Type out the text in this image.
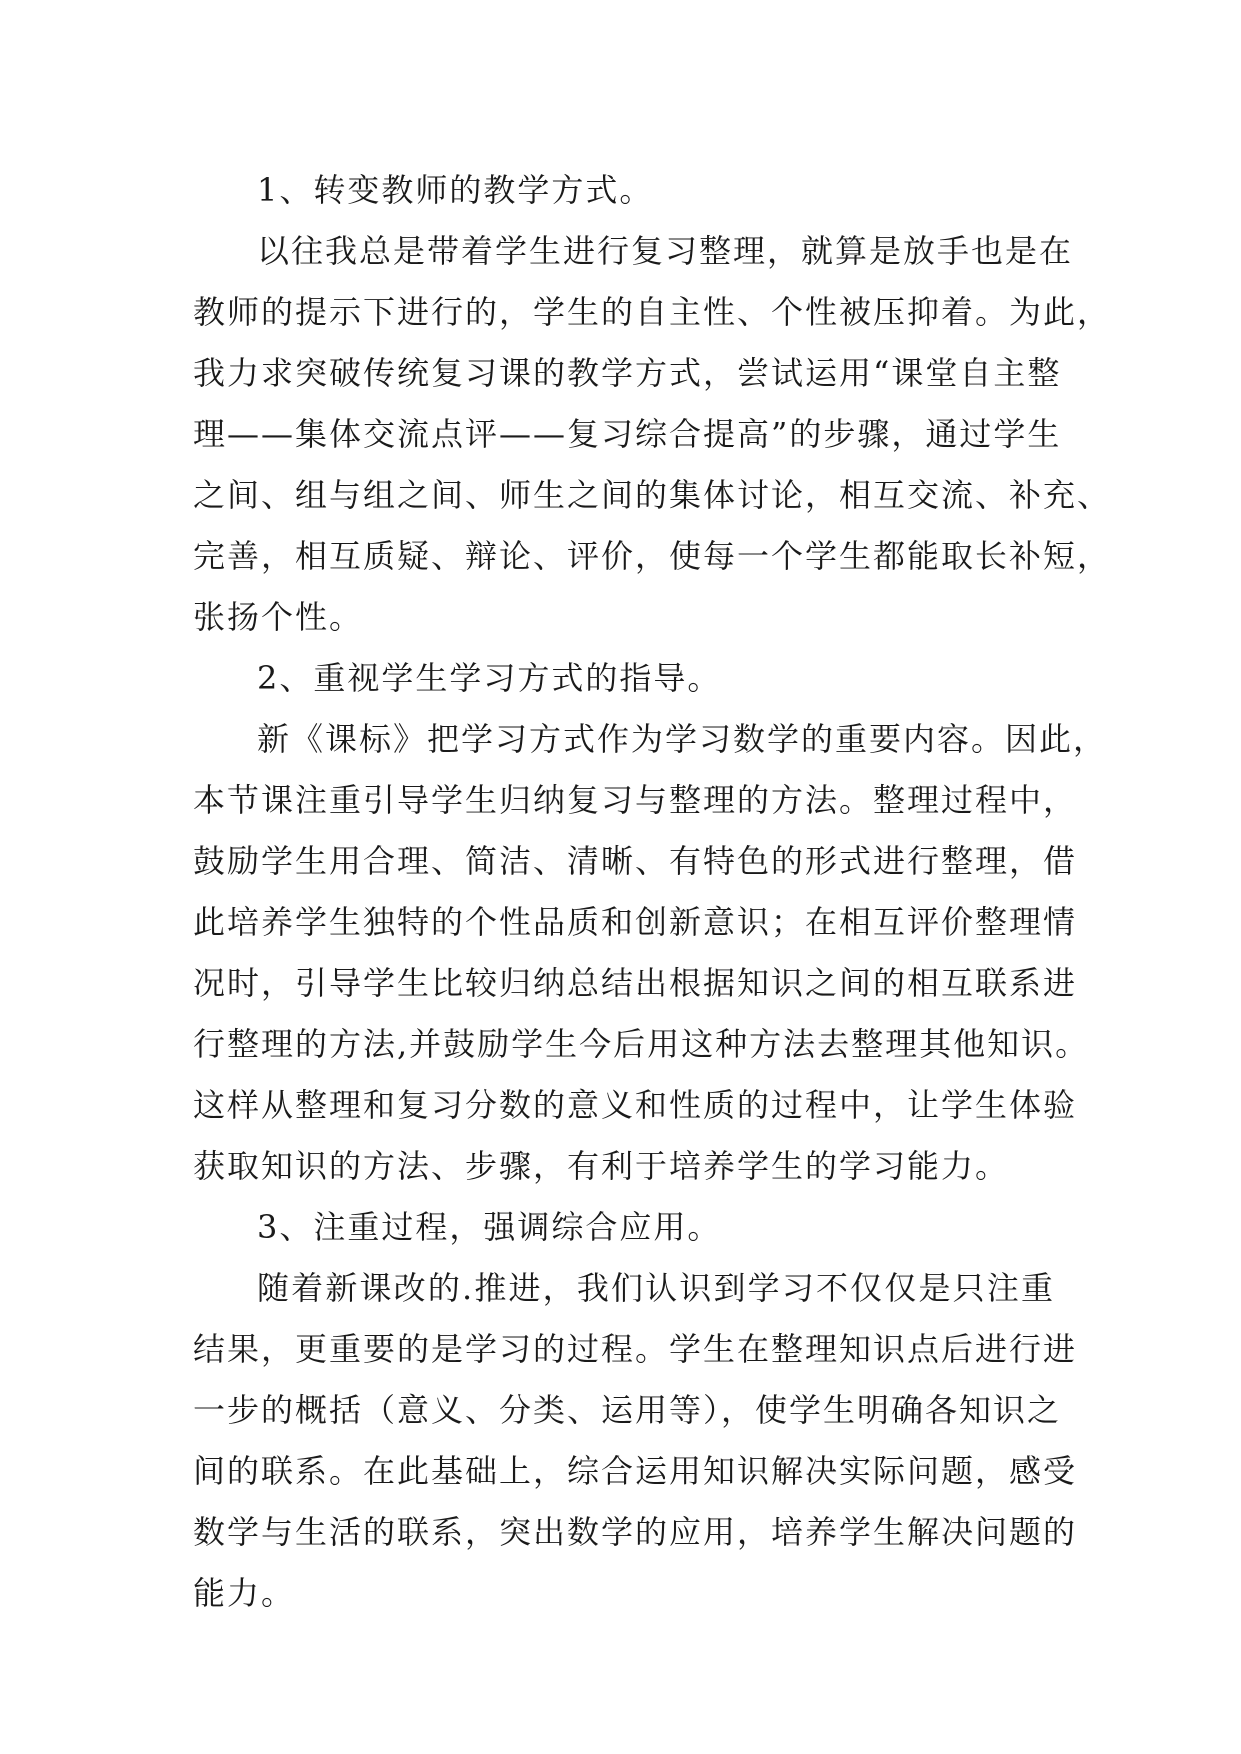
1、转变教师的教学方式。
以往我总是带着学生进行复习整理，就算是放手也是在
教师的提示下进行的，学生的自主性、个性被压抑着。为此，
我力求突破传统复习课的教学方式，尝试运用“课堂自主整
理——集体交流点评——复习综合提高”的步骤，通过学生
之间、组与组之间、师生之间的集体讨论，相互交流、补充、
完善，相互质疑、辩论、评价，使每一个学生都能取长补短，
张扬个性。
2、重视学生学习方式的指导。
新《课标》把学习方式作为学习数学的重要内容。因此，
本节课注重引导学生归纳复习与整理的方法。整理过程中，
鼓励学生用合理、简洁、清晰、有特色的形式进行整理，借
此培养学生独特的个性品质和创新意识；在相互评价整理情
况时，引导学生比较归纳总结出根据知识之间的相互联系进
行整理的方法,并鼓励学生今后用这种方法去整理其他知识。
这样从整理和复习分数的意义和性质的过程中，让学生体验
获取知识的方法、步骤，有利于培养学生的学习能力。
3、注重过程，强调综合应用。
随着新课改的.推进，我们认识到学习不仅仅是只注重
结果，更重要的是学习的过程。学生在整理知识点后进行进
一步的概括（意义、分类、运用等），使学生明确各知识之
间的联系。在此基础上，综合运用知识解决实际问题，感受
数学与生活的联系，突出数学的应用，培养学生解决问题的
能力。
